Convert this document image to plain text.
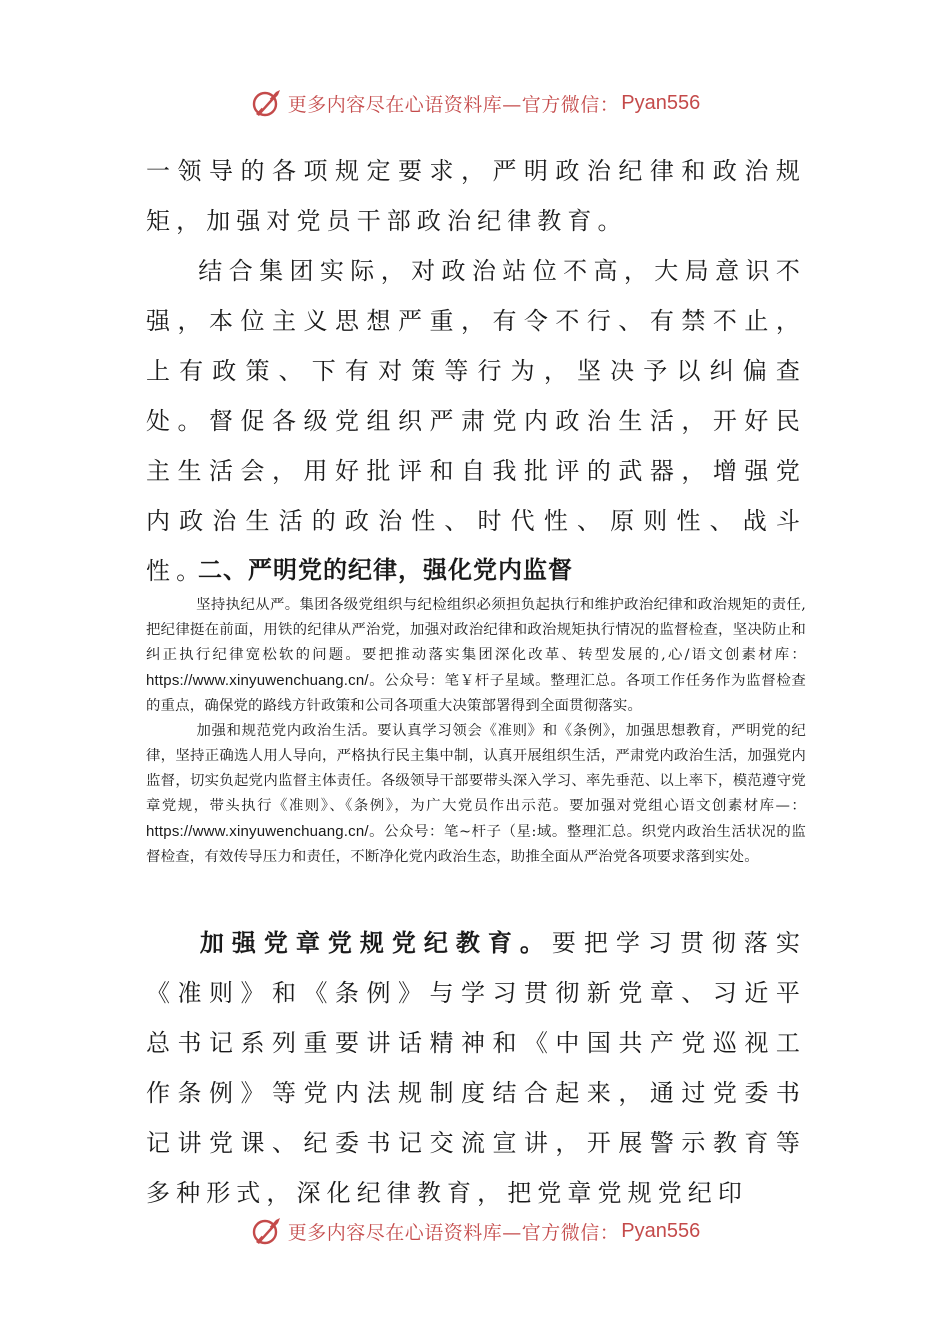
更多内容尽在心语资料库—官方微信： Pyan556

一领导的各项规定要求，严明政治纪律和政治规矩，加强对党员干部政治纪律教育。

结合集团实际，对政治站位不高，大局意识不强，本位主义思想严重，有令不行、有禁不止，上有政策、下有对策等行为，坚决予以纠偏查处。督促各级党组织严肃党内政治生活，开好民主生活会，用好批评和自我批评的武器，增强党内政治生活的政治性、时代性、原则性、战斗性。

二、严明党的纪律，强化党内监督

坚持执纪从严。集团各级党组织与纪检组织必须担负起执行和维护政治纪律和政治规矩的责任,把纪律挺在前面，用铁的纪律从严治党，加强对政治纪律和政治规矩执行情况的监督检查，坚决防止和纠正执行纪律宽松软的问题。要把推动落实集团深化改革、转型发展的,心/语文创素材库：https://www.xinyuwenchuang.cn/。公众号：笔￥杆子星域。整理汇总。各项工作任务作为监督检查的重点，确保党的路线方针政策和公司各项重大决策部署得到全面贯彻落实。

加强和规范党内政治生活。要认真学习领会《准则》和《条例》，加强思想教育，严明党的纪律，坚持正确选人用人导向，严格执行民主集中制，认真开展组织生活，严肃党内政治生活，加强党内监督，切实负起党内监督主体责任。各级领导干部要带头深入学习、率先垂范、以上率下，模范遵守党章党规，带头执行《准则》、《条例》，为广大党员作出示范。要加强对党组心语文创素材库—：https://www.xinyuwenchuang.cn/。公众号：笔~杆子（星:域。整理汇总。织党内政治生活状况的监督检查，有效传导压力和责任，不断净化党内政治生态，助推全面从严治党各项要求落到实处。

加强党章党规党纪教育。要把学习贯彻落实《准则》和《条例》与学习贯彻新党章、习近平总书记系列重要讲话精神和《中国共产党巡视工作条例》等党内法规制度结合起来，通过党委书记讲党课、纪委书记交流宣讲，开展警示教育等多种形式，深化纪律教育，把党章党规党纪印

更多内容尽在心语资料库—官方微信： Pyan556
